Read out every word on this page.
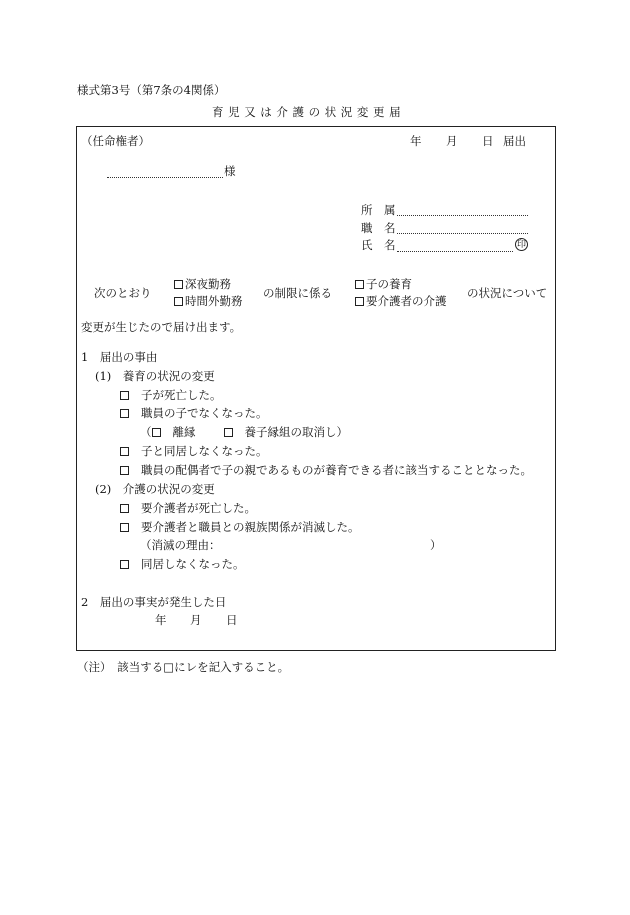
様式第3号（第7条の4関係）
育児又は介護の状況変更届
（任命権者）	年 月 日 届出
様
所　属
職　名
氏　名	印
次のとおり
深夜勤務
時間外勤務
の制限に係る
子の養育
要介護者の介護
の状況について
変更が生じたので届け出ます。
1　届出の事由
(1)　養育の状況の変更
子が死亡した。
職員の子でなくなった。
（ 離縁	養子縁組の取消し）
子と同居しなくなった。
職員の配偶者で子の親であるものが養育できる者に該当することとなった。
(2)　介護の状況の変更
要介護者が死亡した。
要介護者と職員との親族関係が消滅した。
（消滅の理由：	）
同居しなくなった。
2　届出の事実が発生した日
年 月 日
（注）　該当する□にレを記入すること。
